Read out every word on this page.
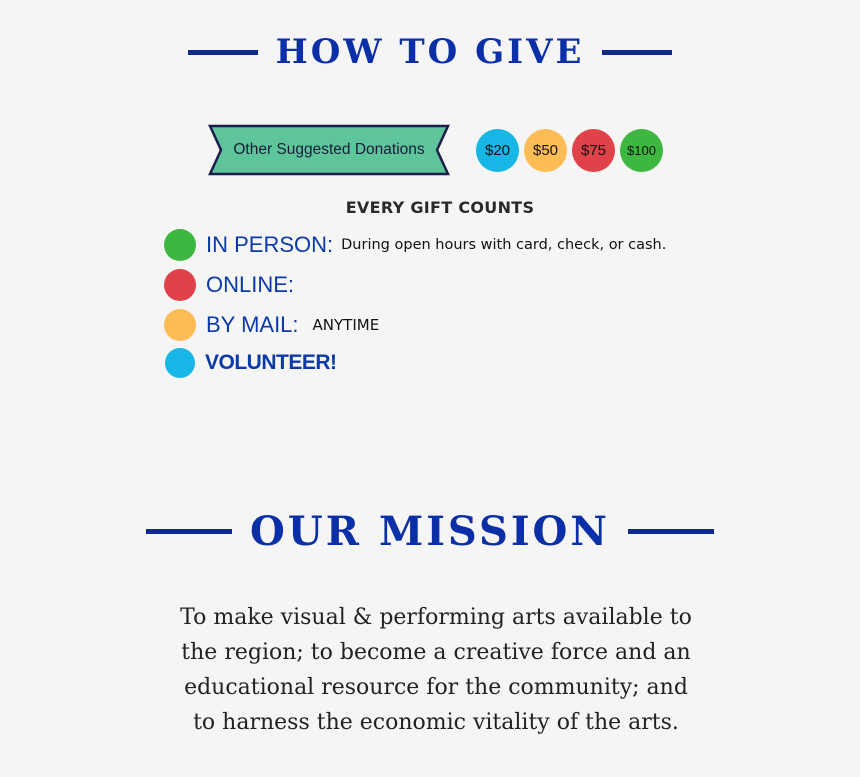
HOW TO GIVE
Other Suggested Donations	$20	$50	$75	$100
EVERY GIFT COUNTS
IN PERSON: During open hours with card, check, or cash.
ONLINE:
BY MAIL: ANYTIME
VOLUNTEER!
OUR MISSION
To make visual & performing arts available to
the region; to become a creative force and an
educational resource for the community; and
to harness the economic vitality of the arts.
